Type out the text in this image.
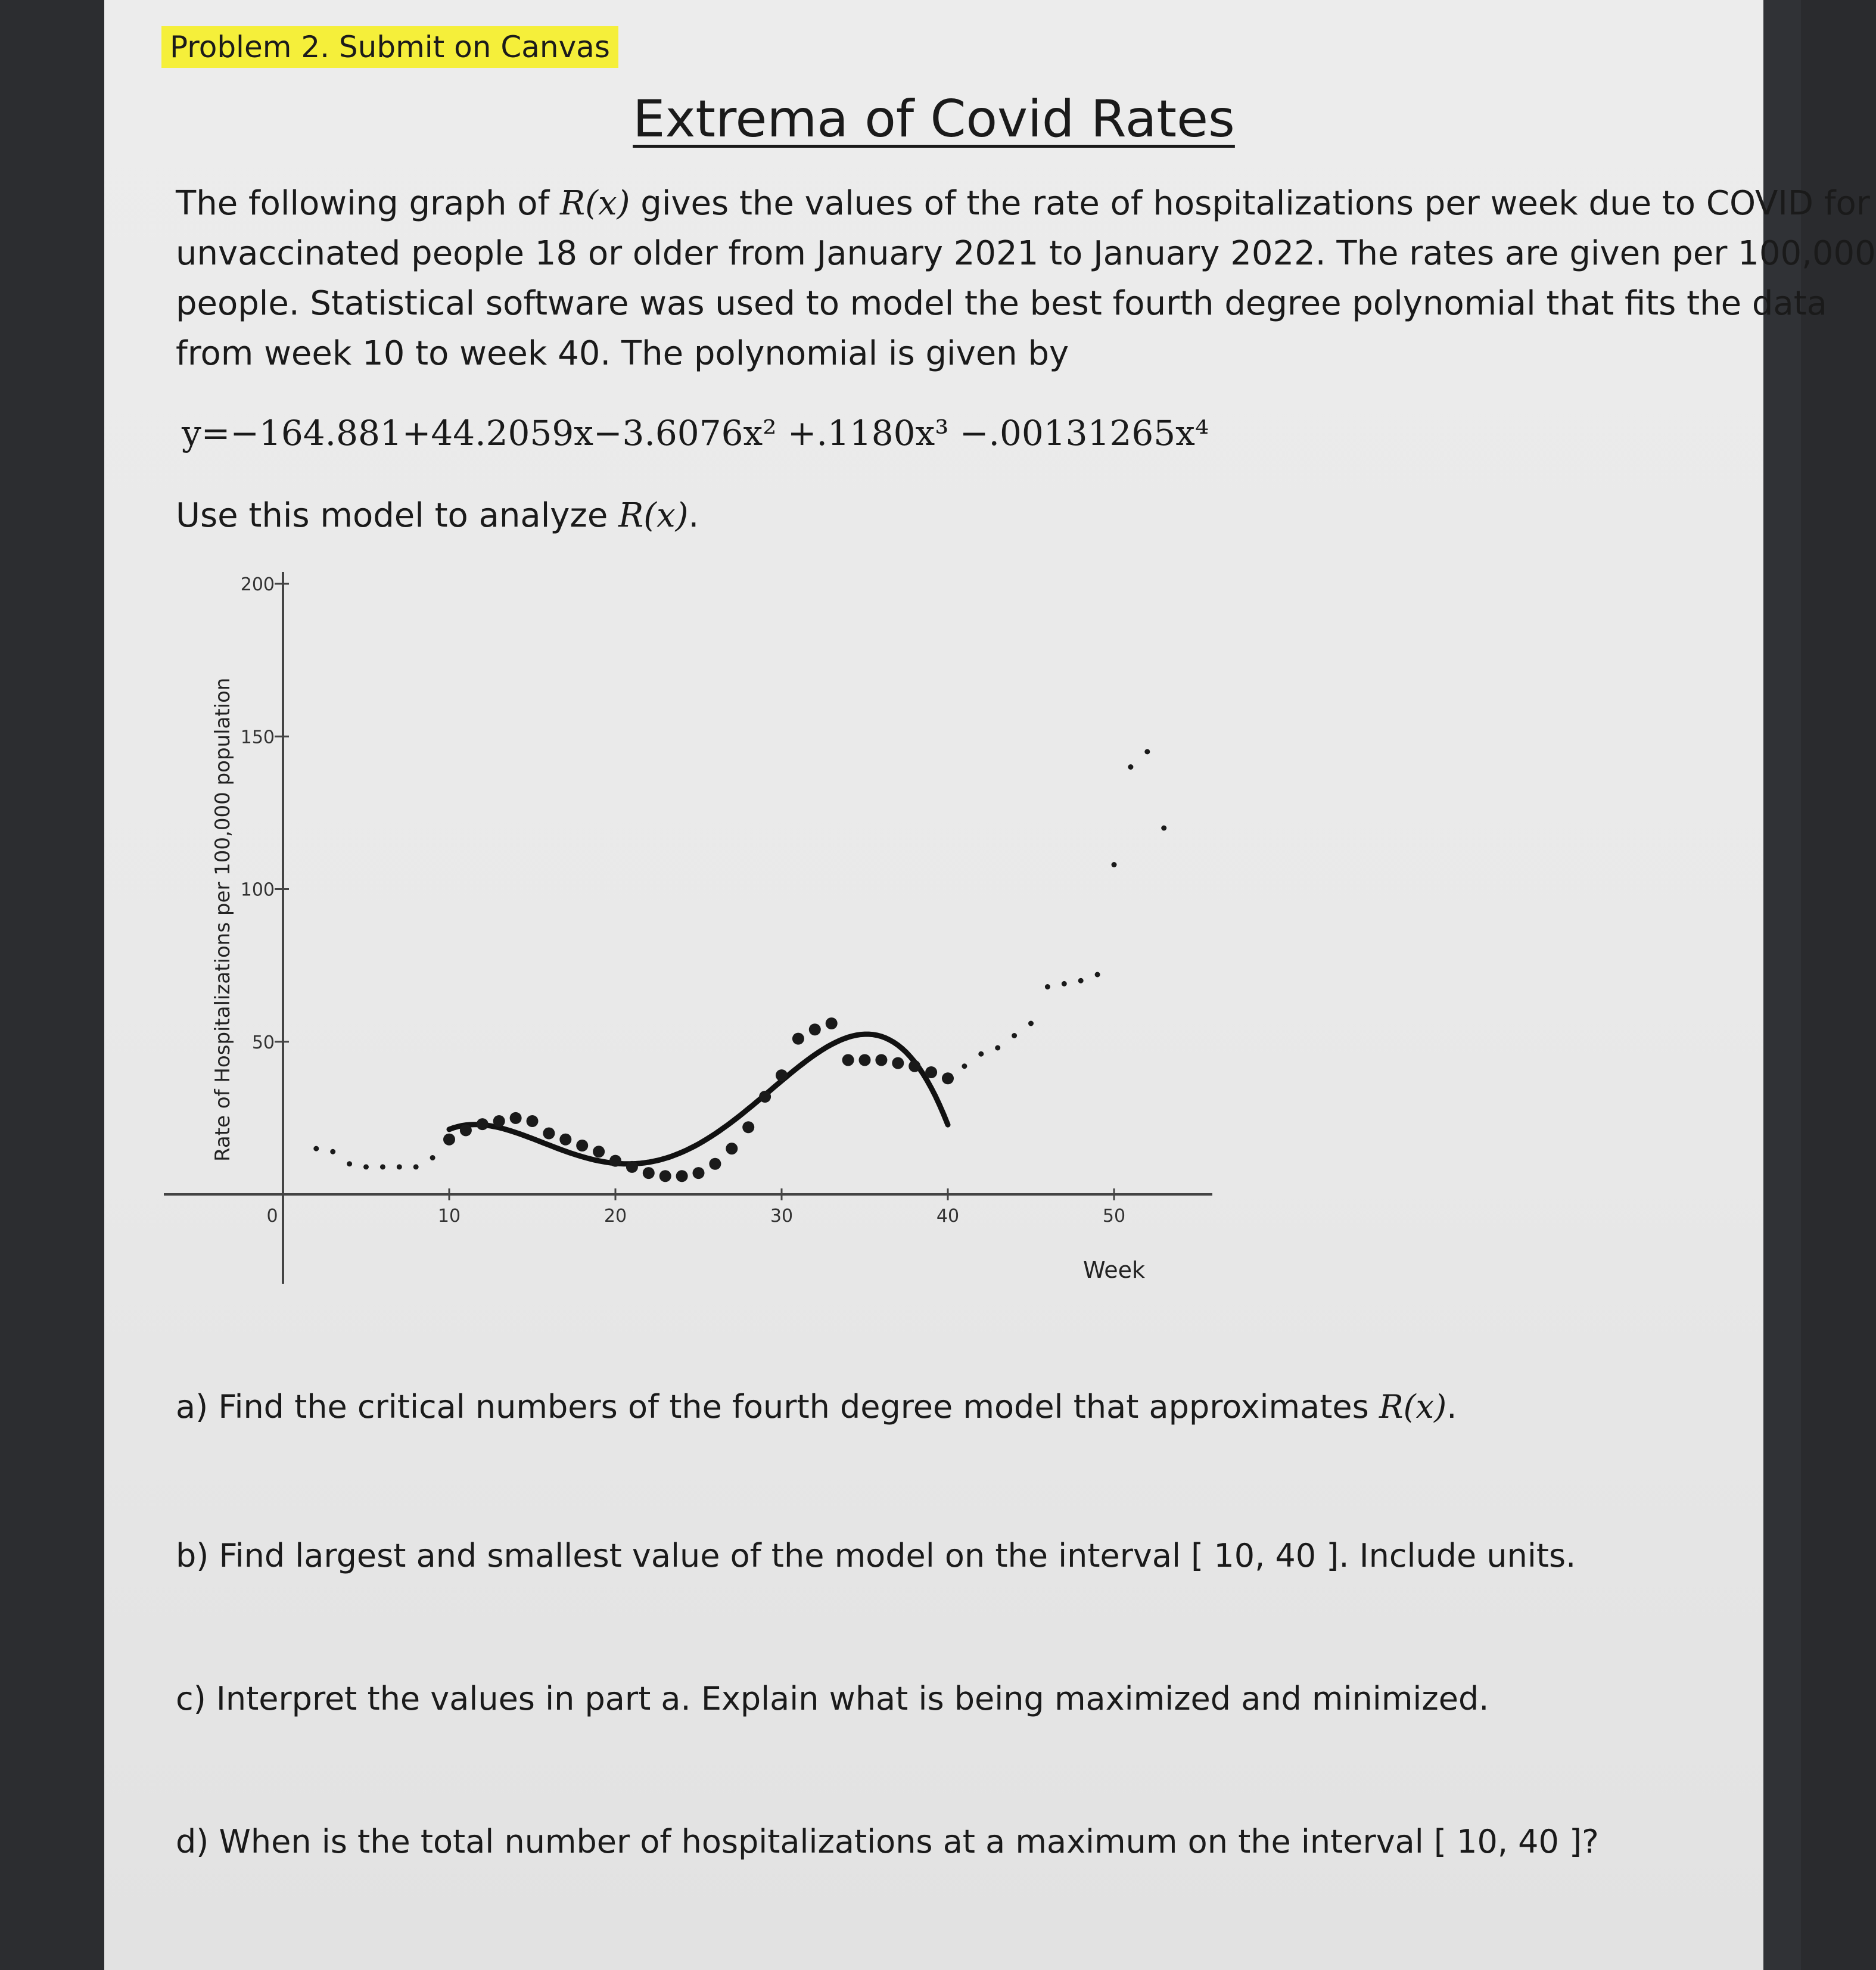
Problem 2. Submit on Canvas
Extrema of Covid Rates
The following graph of R(x) gives the values of the rate of hospitalizations per week due to COVID for
unvaccinated people 18 or older from January 2021 to January 2022. The rates are given per 100,000
people. Statistical software was used to model the best fourth degree polynomial that fits the data
from week 10 to week 40. The polynomial is given by
y=−164.881+44.2059x−3.6076x² +.1180x³ −.00131265x⁴
Use this model to analyze R(x).
0	10	20	30	40	50
50
100
150
200
Week
Rate of Hospitalizations per 100,000 population
a) Find the critical numbers of the fourth degree model that approximates R(x).
b) Find largest and smallest value of the model on the interval [ 10, 40 ]. Include units.
c) Interpret the values in part a. Explain what is being maximized and minimized.
d) When is the total number of hospitalizations at a maximum on the interval [ 10, 40 ]?
